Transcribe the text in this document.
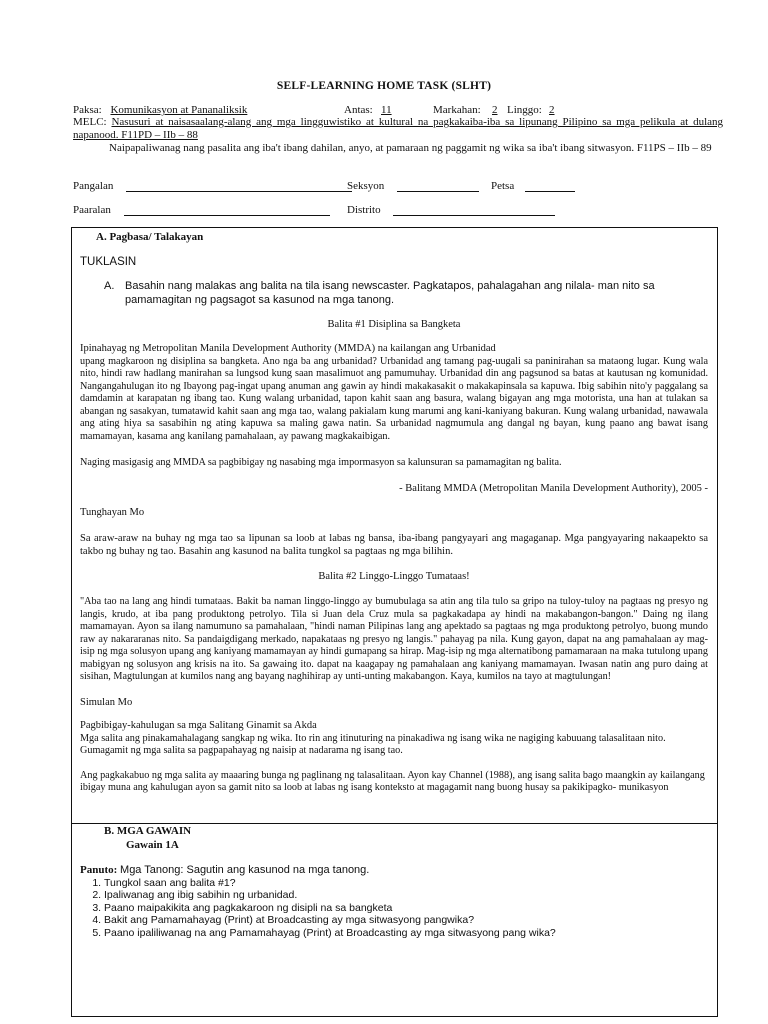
SELF-LEARNING HOME TASK (SLHT)
Paksa: Komunikasyon at Pananaliksik	Antas: 11	Markahan: 2 Linggo: 2
MELC: Nasusuri at naisasaalang-alang ang mga lingguwistiko at kultural na pagkakaiba-iba sa lipunang Pilipino sa mga pelikula at dulang napanood. F11PD – IIb – 88
Naipapaliwanag nang pasalita ang iba't ibang dahilan, anyo, at pamaraan ng paggamit ng wika sa iba't ibang sitwasyon. F11PS – IIb – 89
Pangalan	Seksyon	Petsa
Paaralan	Distrito
A. Pagbasa/ Talakayan
TUKLASIN
A. Basahin nang malakas ang balita na tila isang newscaster. Pagkatapos, pahalagahan ang nilala- man nito sa pamamagitan ng pagsagot sa kasunod na mga tanong.
Balita #1 Disiplina sa Bangketa
Ipinahayag ng Metropolitan Manila Development Authority (MMDA) na kailangan ang Urbanidad
upang magkaroon ng disiplina sa bangketa. Ano nga ba ang urbanidad? Urbanidad ang tamang pag-uugali sa paninirahan sa mataong lugar. Kung wala nito, hindi raw hadlang manirahan sa lungsod kung saan masalimuot ang pamumuhay. Urbanidad din ang pagsunod sa batas at kautusan ng komunidad. Nangangahulugan ito ng Ibayong pag-ingat upang anuman ang gawin ay hindi makakasakit o makakapinsala sa kapuwa. Ibig sabihin nito'y paggalang sa damdamin at karapatan ng ibang tao. Kung walang urbanidad, tapon kahit saan ang basura, walang bigayan ang mga motorista, una han at tulakan sa abangan ng sasakyan, tumatawid kahit saan ang mga tao, walang pakialam kung marumi ang kani-kaniyang bakuran. Kung walang urbanidad, nawawala ang ating hiya sa sasabihin ng ating kapuwa sa maling gawa natin. Sa urbanidad nagmumula ang dangal ng bayan, kung paano ang bawat isang mamamayan, kasama ang kanilang pamahalaan, ay pawang magkakaibigan.
Naging masigasig ang MMDA sa pagbibigay ng nasabing mga impormasyon sa kalunsuran sa pamamagitan ng balita.
- Balitang MMDA (Metropolitan Manila Development Authority), 2005 -
Tunghayan Mo
Sa araw-araw na buhay ng mga tao sa lipunan sa loob at labas ng bansa, iba-ibang pangyayari ang magaganap. Mga pangyayaring nakaapekto sa takbo ng buhay ng tao. Basahin ang kasunod na balita tungkol sa pagtaas ng mga bilihin.
Balita #2 Linggo-Linggo Tumataas!
"Aba tao na lang ang hindi tumataas. Bakit ba naman linggo-linggo ay bumubulaga sa atin ang tila tulo sa gripo na tuloy-tuloy na pagtaas ng presyo ng langis, krudo, at iba pang produktong petrolyo. Tila si Juan dela Cruz mula sa pagkakadapa ay hindi na makabangon-bangon." Daing ng ilang mamamayan. Ayon sa ilang namumuno sa pamahalaan, "hindi naman Pilipinas lang ang apektado sa pagtaas ng mga produktong petrolyo, buong mundo raw ay nakararanas nito. Sa pandaigdigang merkado, napakataas ng presyo ng langis." pahayag pa nila. Kung gayon, dapat na ang pamahalaan ay mag-isip ng mga solusyon upang ang kaniyang mamamayan ay hindi gumapang sa hirap. Mag-isip ng mga alternatibong pamamaraan na maka tutulong upang mabigyan ng solusyon ang krisis na ito. Sa gawaing ito. dapat na kaagapay ng pamahalaan ang kaniyang mamamayan. Iwasan natin ang puro daing at sisihan, Magtulungan at kumilos nang ang bayang naghihirap ay unti-unting makabangon. Kaya, kumilos na tayo at magtulungan!
Simulan Mo
Pagbibigay-kahulugan sa mga Salitang Ginamit sa Akda
Mga salita ang pinakamahalagang sangkap ng wika. Ito rin ang itinuturing na pinakadiwa ng isang wika ne nagiging kabuuang talasalitaan nito. Gumagamit ng mga salita sa pagpapahayag ng naisip at nadarama ng isang tao.
Ang pagkakabuo ng mga salita ay maaaring bunga ng paglinang ng talasalitaan. Ayon kay Channel (1988), ang isang salita bago maangkin ay kailangang ibigay muna ang kahulugan ayon sa gamit nito sa loob at labas ng isang konteksto at magagamit nang buong husay sa pakikipagko- munikasyon
B. MGA GAWAIN
Gawain 1A
Panuto: Mga Tanong: Sagutin ang kasunod na mga tanong.
1. Tungkol saan ang balita #1?
2. Ipaliwanag ang ibig sabihin ng urbanidad.
3. Paano maipakikita ang pagkakaroon ng disipli na sa bangketa
4. Bakit ang Pamamahayag (Print) at Broadcasting ay mga sitwasyong pangwika?
5. Paano ipaliliwanag na ang Pamamahayag (Print) at Broadcasting ay mga sitwasyong pang wika?
